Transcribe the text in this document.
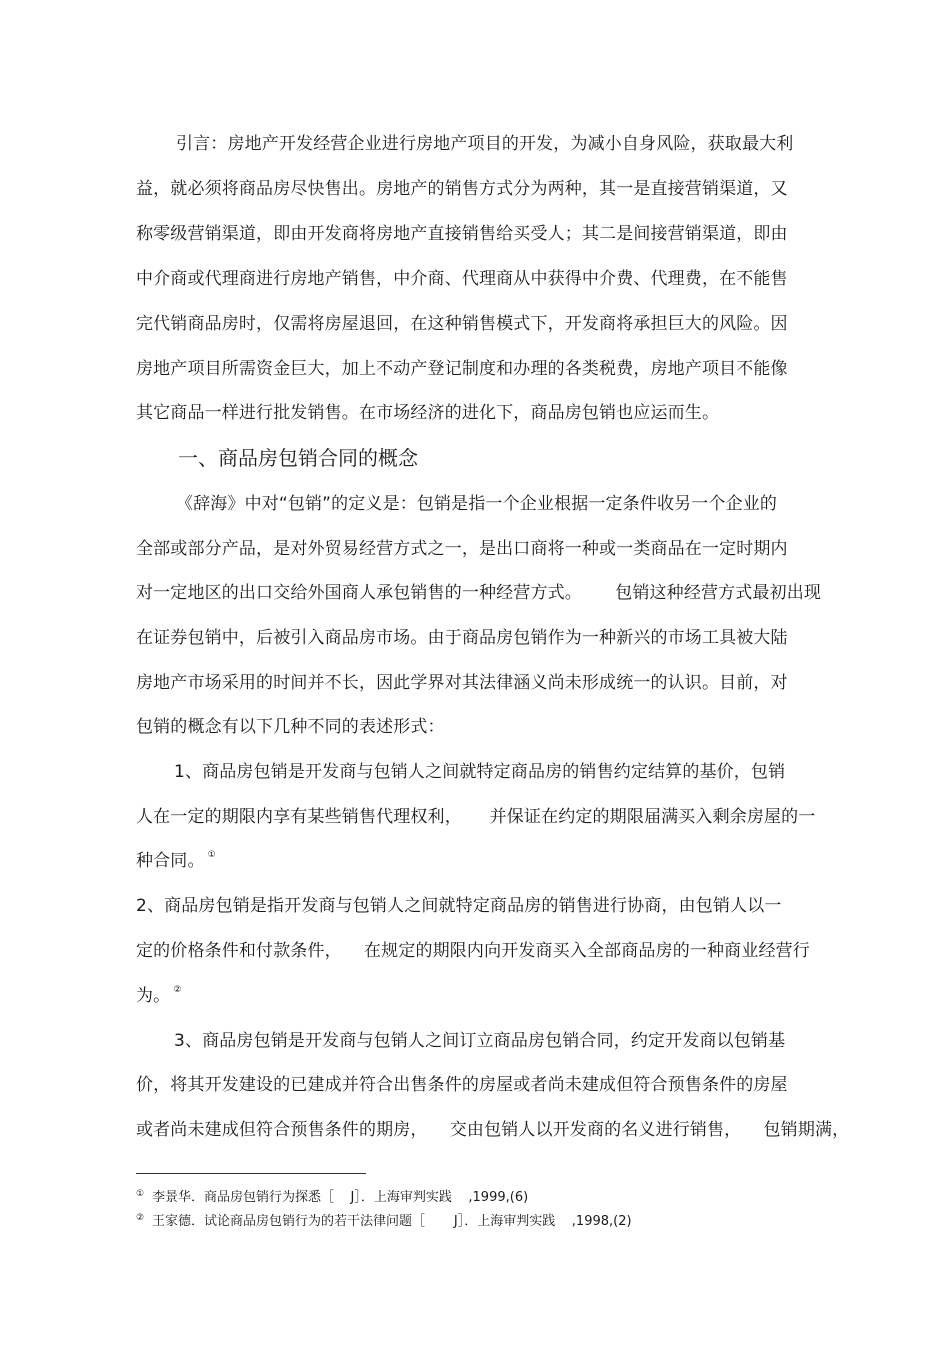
引言：房地产开发经营企业进行房地产项目的开发，为减小自身风险，获取最大利
益，就必须将商品房尽快售出。房地产的销售方式分为两种，其一是直接营销渠道，又
称零级营销渠道，即由开发商将房地产直接销售给买受人；其二是间接营销渠道，即由
中介商或代理商进行房地产销售，中介商、代理商从中获得中介费、代理费，在不能售
完代销商品房时，仅需将房屋退回，在这种销售模式下，开发商将承担巨大的风险。因
房地产项目所需资金巨大，加上不动产登记制度和办理的各类税费，房地产项目不能像
其它商品一样进行批发销售。在市场经济的进化下，商品房包销也应运而生。
一、商品房包销合同的概念
《辞海》中对“包销”的定义是：包销是指一个企业根据一定条件收另一个企业的
全部或部分产品，是对外贸易经营方式之一，是出口商将一种或一类商品在一定时期内
对一定地区的出口交给外国商人承包销售的一种经营方式。      包销这种经营方式最初出现
在证券包销中，后被引入商品房市场。由于商品房包销作为一种新兴的市场工具被大陆
房地产市场采用的时间并不长，因此学界对其法律涵义尚未形成统一的认识。目前，对
包销的概念有以下几种不同的表述形式：
1、商品房包销是开发商与包销人之间就特定商品房的销售约定结算的基价，包销
人在一定的期限内享有某些销售代理权利，     并保证在约定的期限届满买入剩余房屋的一
种合同。 ①
2、商品房包销是指开发商与包销人之间就特定商品房的销售进行协商，由包销人以一
定的价格条件和付款条件，    在规定的期限内向开发商买入全部商品房的一种商业经营行
为。 ②
3、商品房包销是开发商与包销人之间订立商品房包销合同，约定开发商以包销基
价，将其开发建设的已建成并符合出售条件的房屋或者尚未建成但符合预售条件的房屋
或者尚未建成但符合预售条件的期房，    交由包销人以开发商的名义进行销售，    包销期满，
① 李景华．商品房包销行为探悉［    J］．上海审判实践    ,1999,(6)
② 王家德．试论商品房包销行为的若干法律问题［       J］．上海审判实践    ,1998,(2)
